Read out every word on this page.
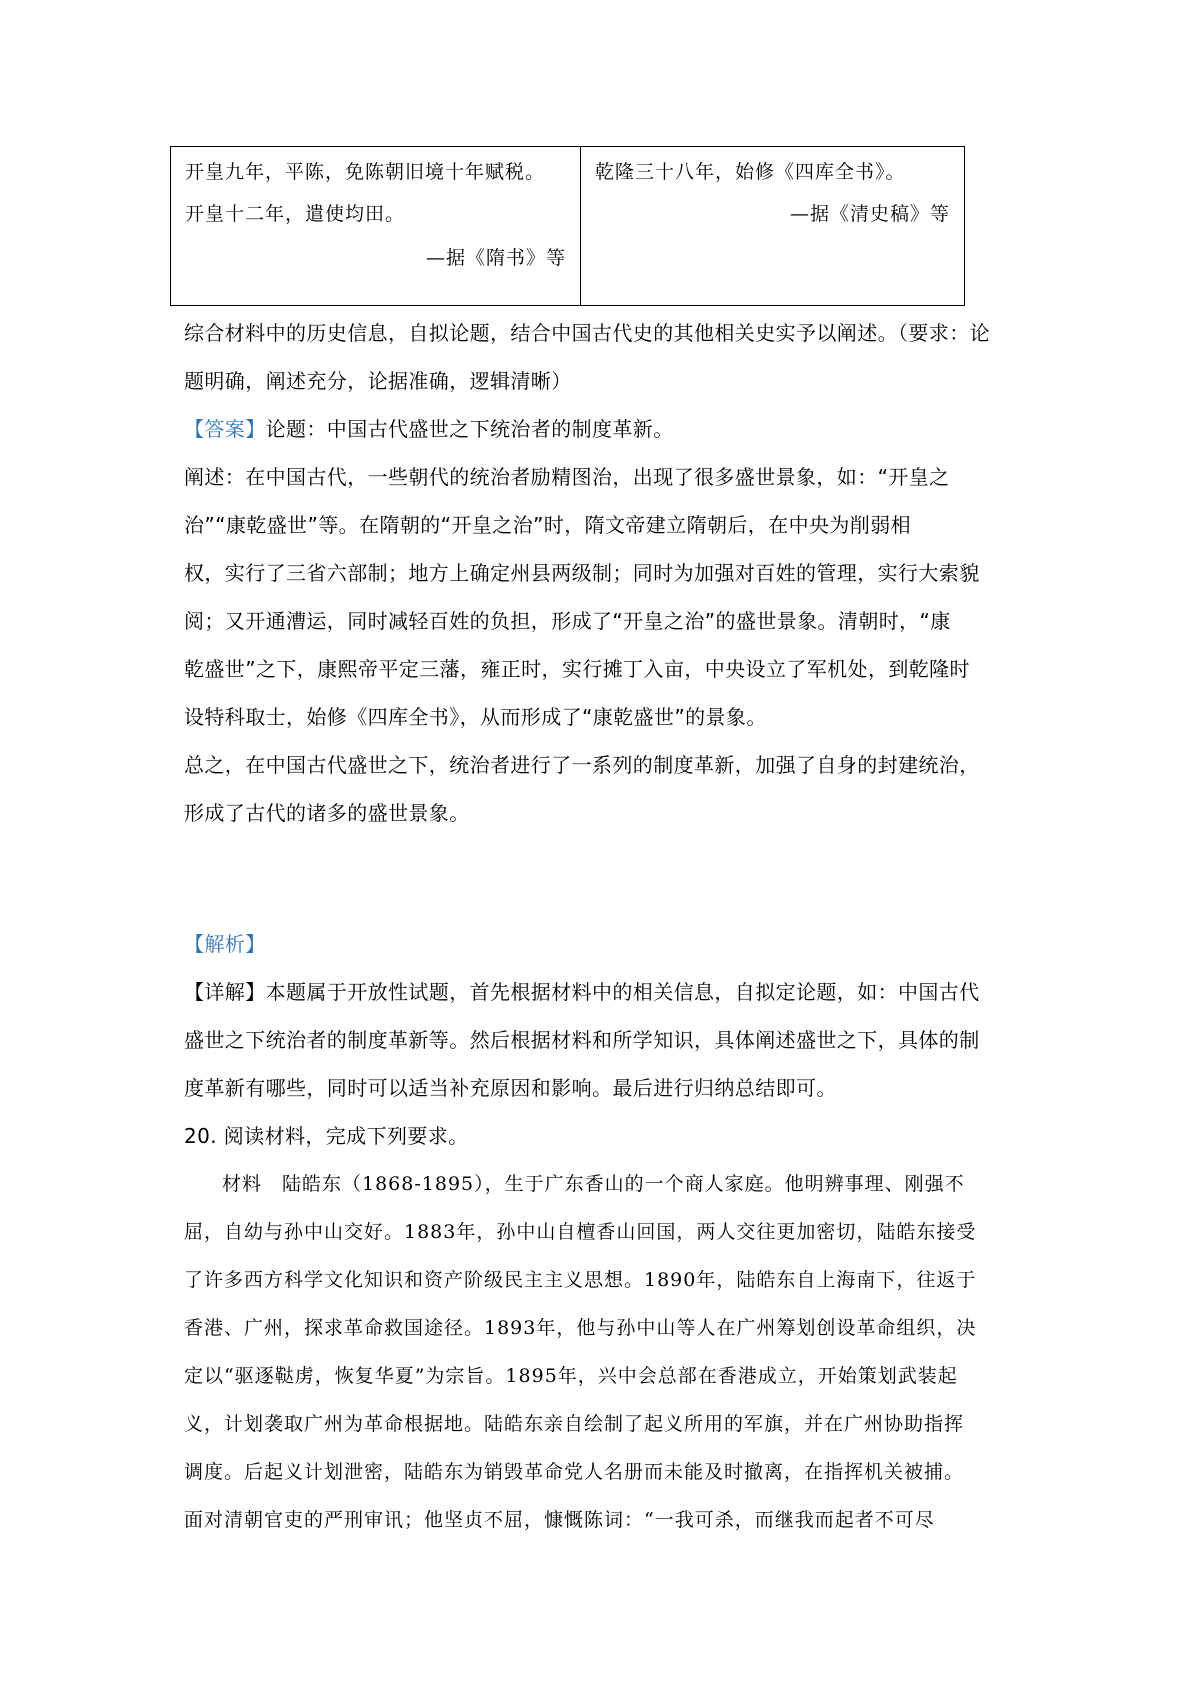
开皇九年，平陈，免陈朝旧境十年赋税。
开皇十二年，遣使均田。
—据《隋书》等
乾隆三十八年，始修《四库全书》。
—据《清史稿》等
综合材料中的历史信息，自拟论题，结合中国古代史的其他相关史实予以阐述。（要求：论
题明确，阐述充分，论据准确，逻辑清晰）
【答案】论题：中国古代盛世之下统治者的制度革新。
阐述：在中国古代，一些朝代的统治者励精图治，出现了很多盛世景象，如：“开皇之
治”“康乾盛世”等。在隋朝的“开皇之治”时，隋文帝建立隋朝后，在中央为削弱相
权，实行了三省六部制；地方上确定州县两级制；同时为加强对百姓的管理，实行大索貌
阅；又开通漕运，同时减轻百姓的负担，形成了“开皇之治”的盛世景象。清朝时，“康
乾盛世”之下，康熙帝平定三藩，雍正时，实行摊丁入亩，中央设立了军机处，到乾隆时
设特科取士，始修《四库全书》，从而形成了“康乾盛世”的景象。
总之，在中国古代盛世之下，统治者进行了一系列的制度革新，加强了自身的封建统治，
形成了古代的诸多的盛世景象。
【解析】
【详解】本题属于开放性试题，首先根据材料中的相关信息，自拟定论题，如：中国古代
盛世之下统治者的制度革新等。然后根据材料和所学知识，具体阐述盛世之下，具体的制
度革新有哪些，同时可以适当补充原因和影响。最后进行归纳总结即可。
20. 阅读材料，完成下列要求。
材料　陆皓东（1868-1895），生于广东香山的一个商人家庭。他明辨事理、刚强不
屈，自幼与孙中山交好。1883年，孙中山自檀香山回国，两人交往更加密切，陆皓东接受
了许多西方科学文化知识和资产阶级民主主义思想。1890年，陆皓东自上海南下，往返于
香港、广州，探求革命救国途径。1893年，他与孙中山等人在广州筹划创设革命组织，决
定以“驱逐鞑虏，恢复华夏”为宗旨。1895年，兴中会总部在香港成立，开始策划武装起
义，计划袭取广州为革命根据地。陆皓东亲自绘制了起义所用的军旗，并在广州协助指挥
调度。后起义计划泄密，陆皓东为销毁革命党人名册而未能及时撤离，在指挥机关被捕。
面对清朝官吏的严刑审讯；他坚贞不屈，慷慨陈词：“一我可杀，而继我而起者不可尽
